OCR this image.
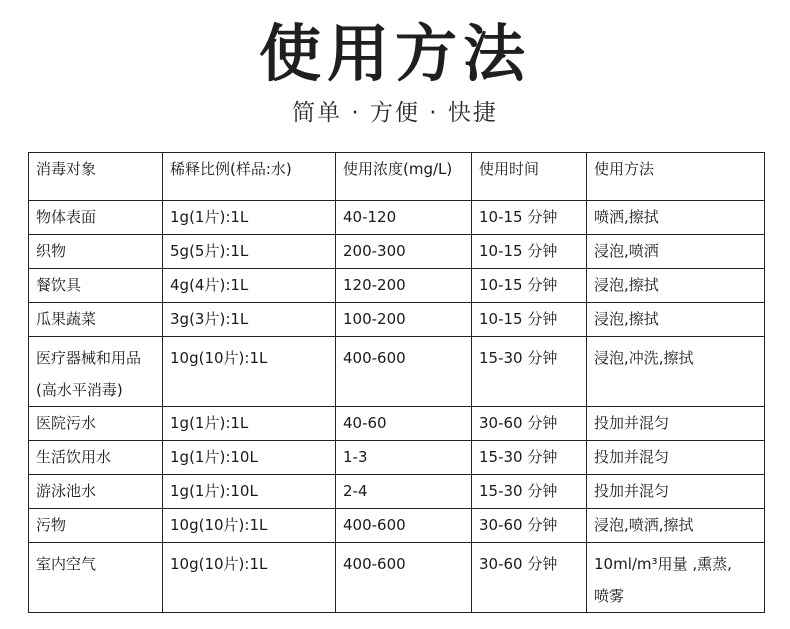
使用方法
简单 · 方便 · 快捷
消毒对象	稀释比例(样品:水)	使用浓度(mg/L)	使用时间	使用方法
物体表面	1g(1片):1L	40-120	10-15 分钟	喷洒,擦拭
织物	5g(5片):1L	200-300	10-15 分钟	浸泡,喷洒
餐饮具	4g(4片):1L	120-200	10-15 分钟	浸泡,擦拭
瓜果蔬菜	3g(3片):1L	100-200	10-15 分钟	浸泡,擦拭

医疗器械和用品
(高水平消毒)	10g(10片):1L	400-600	15-30 分钟	浸泡,冲洗,擦拭
医院污水	1g(1片):1L	40-60	30-60 分钟	投加并混匀
生活饮用水	1g(1片):10L	1-3	15-30 分钟	投加并混匀
游泳池水	1g(1片):10L	2-4	15-30 分钟	投加并混匀
污物	10g(10片):1L	400-600	30-60 分钟	浸泡,喷洒,擦拭
室内空气	10g(10片):1L	400-600	30-60 分钟	10ml/m³用量 ,熏蒸,
喷雾
